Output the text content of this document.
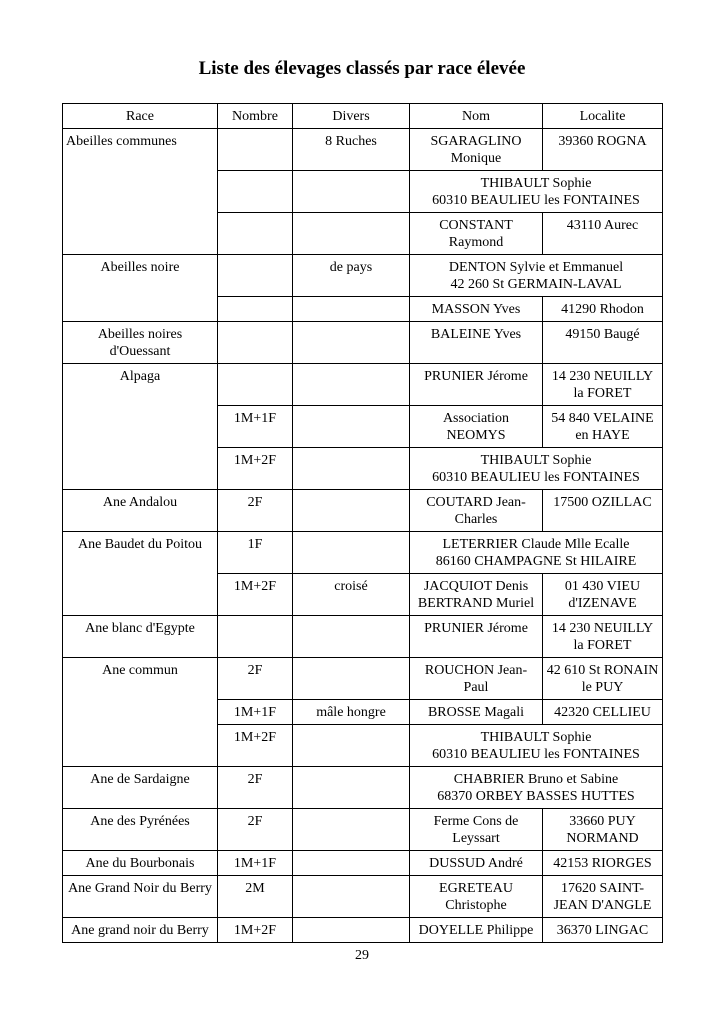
Liste des élevages classés par race élevée
Race	Nombre	Divers	Nom	Localite
Abeilles communes		8 Ruches	SGARAGLINO Monique	39360 ROGNA
			THIBAULT Sophie
60310 BEAULIEU les FONTAINES	
			CONSTANT Raymond	43110 Aurec
Abeilles noire		de pays	DENTON Sylvie et Emmanuel
42 260 St GERMAIN-LAVAL	
			MASSON Yves	41290 Rhodon
Abeilles noires d'Ouessant			BALEINE Yves	49150 Baugé
Alpaga			PRUNIER Jérome	14 230 NEUILLY la FORET
	1M+1F		Association NEOMYS	54 840 VELAINE en HAYE
	1M+2F		THIBAULT Sophie
60310 BEAULIEU les FONTAINES	
Ane Andalou	2F		COUTARD Jean-Charles	17500 OZILLAC
Ane Baudet du Poitou	1F		LETERRIER Claude Mlle Ecalle
86160 CHAMPAGNE St HILAIRE	
	1M+2F	croisé	JACQUIOT Denis BERTRAND Muriel	01 430 VIEU d'IZENAVE
Ane blanc d'Egypte			PRUNIER Jérome	14 230 NEUILLY la FORET
Ane commun	2F		ROUCHON Jean-Paul	42 610 St RONAIN le PUY
	1M+1F	mâle hongre	BROSSE Magali	42320 CELLIEU
	1M+2F		THIBAULT Sophie
60310 BEAULIEU les FONTAINES	
Ane de Sardaigne	2F		CHABRIER Bruno et Sabine
68370 ORBEY BASSES HUTTES	
Ane des Pyrénées	2F		Ferme Cons de Leyssart	33660 PUY NORMAND
Ane du Bourbonais	1M+1F		DUSSUD André	42153 RIORGES
Ane Grand Noir du Berry	2M		EGRETEAU Christophe	17620 SAINT-JEAN D'ANGLE
Ane grand noir du Berry	1M+2F		DOYELLE Philippe	36370 LINGAC
29
